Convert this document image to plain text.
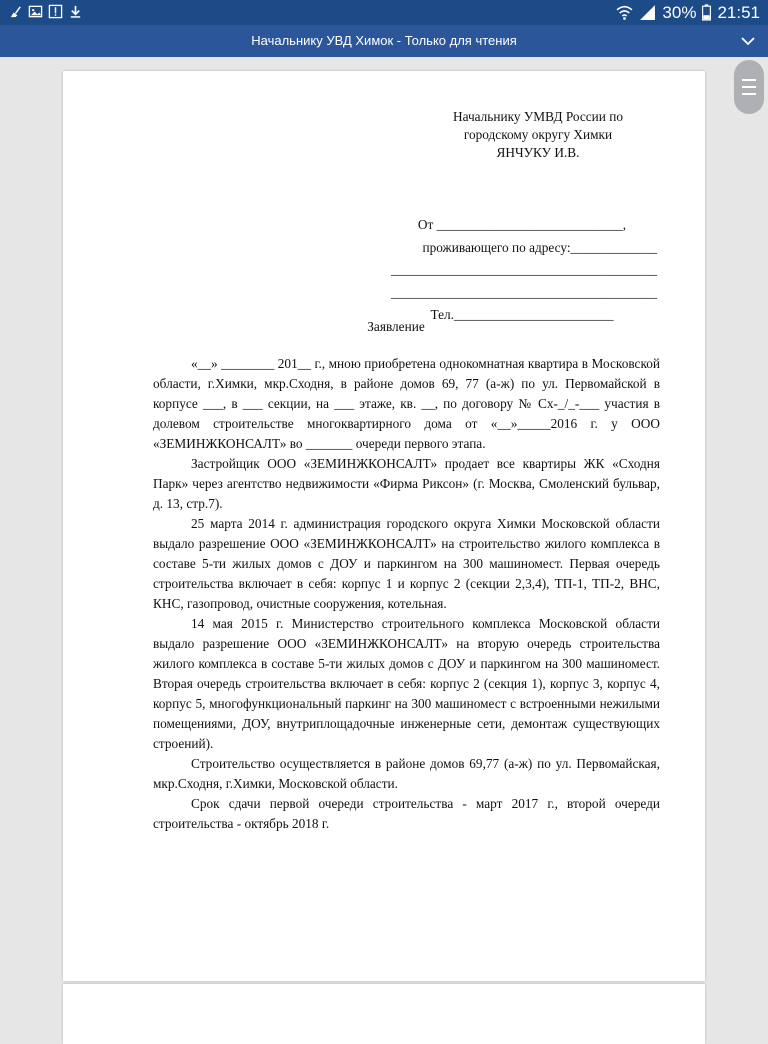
30% 21:51
Начальнику УВД Химок - Только для чтения
Начальнику УМВД России по
городскому округу Химки
ЯНЧУКУ И.В.
От ____________________________,
проживающего по адресу:_____________
________________________________________
________________________________________
Тел.________________________
Заявление

«__» ________ 201__ г., мною приобретена однокомнатная квартира в Московской области, г.Химки, мкр.Сходня, в районе домов 69, 77 (а-ж) по ул. Первомайской в корпусе ___, в ___ секции, на ___ этаже, кв. __, по договору № Сх-_/_-___ участия в долевом строительстве многоквартирного дома от «__»_____2016 г. у ООО «ЗЕМИНЖКОНСАЛТ» во _______ очереди первого этапа.

Застройщик ООО «ЗЕМИНЖКОНСАЛТ» продает все квартиры ЖК «Сходня Парк» через агентство недвижимости «Фирма Риксон» (г. Москва, Смоленский бульвар, д. 13, стр.7).

25 марта 2014 г. администрация городского округа Химки Московской области выдало разрешение ООО «ЗЕМИНЖКОНСАЛТ» на строительство жилого комплекса в составе 5-ти жилых домов с ДОУ и паркингом на 300 машиномест. Первая очередь строительства включает в себя: корпус 1 и корпус 2 (секции 2,3,4), ТП-1, ТП-2, ВНС, КНС, газопровод, очистные сооружения, котельная.

14 мая 2015 г. Министерство строительного комплекса Московской области выдало разрешение ООО «ЗЕМИНЖКОНСАЛТ» на вторую очередь строительства жилого комплекса в составе 5-ти жилых домов с ДОУ и паркингом на 300 машиномест. Вторая очередь строительства включает в себя: корпус 2 (секция 1), корпус 3, корпус 4, корпус 5, многофункциональный паркинг на 300 машиномест с встроенными нежилыми помещениями, ДОУ, внутриплощадочные инженерные сети, демонтаж существующих строений).

Строительство осуществляется в районе домов 69,77 (а-ж) по ул. Первомайская, мкр.Сходня, г.Химки, Московской области.

Срок сдачи первой очереди строительства - март 2017 г., второй очереди строительства - октябрь 2018 г.
